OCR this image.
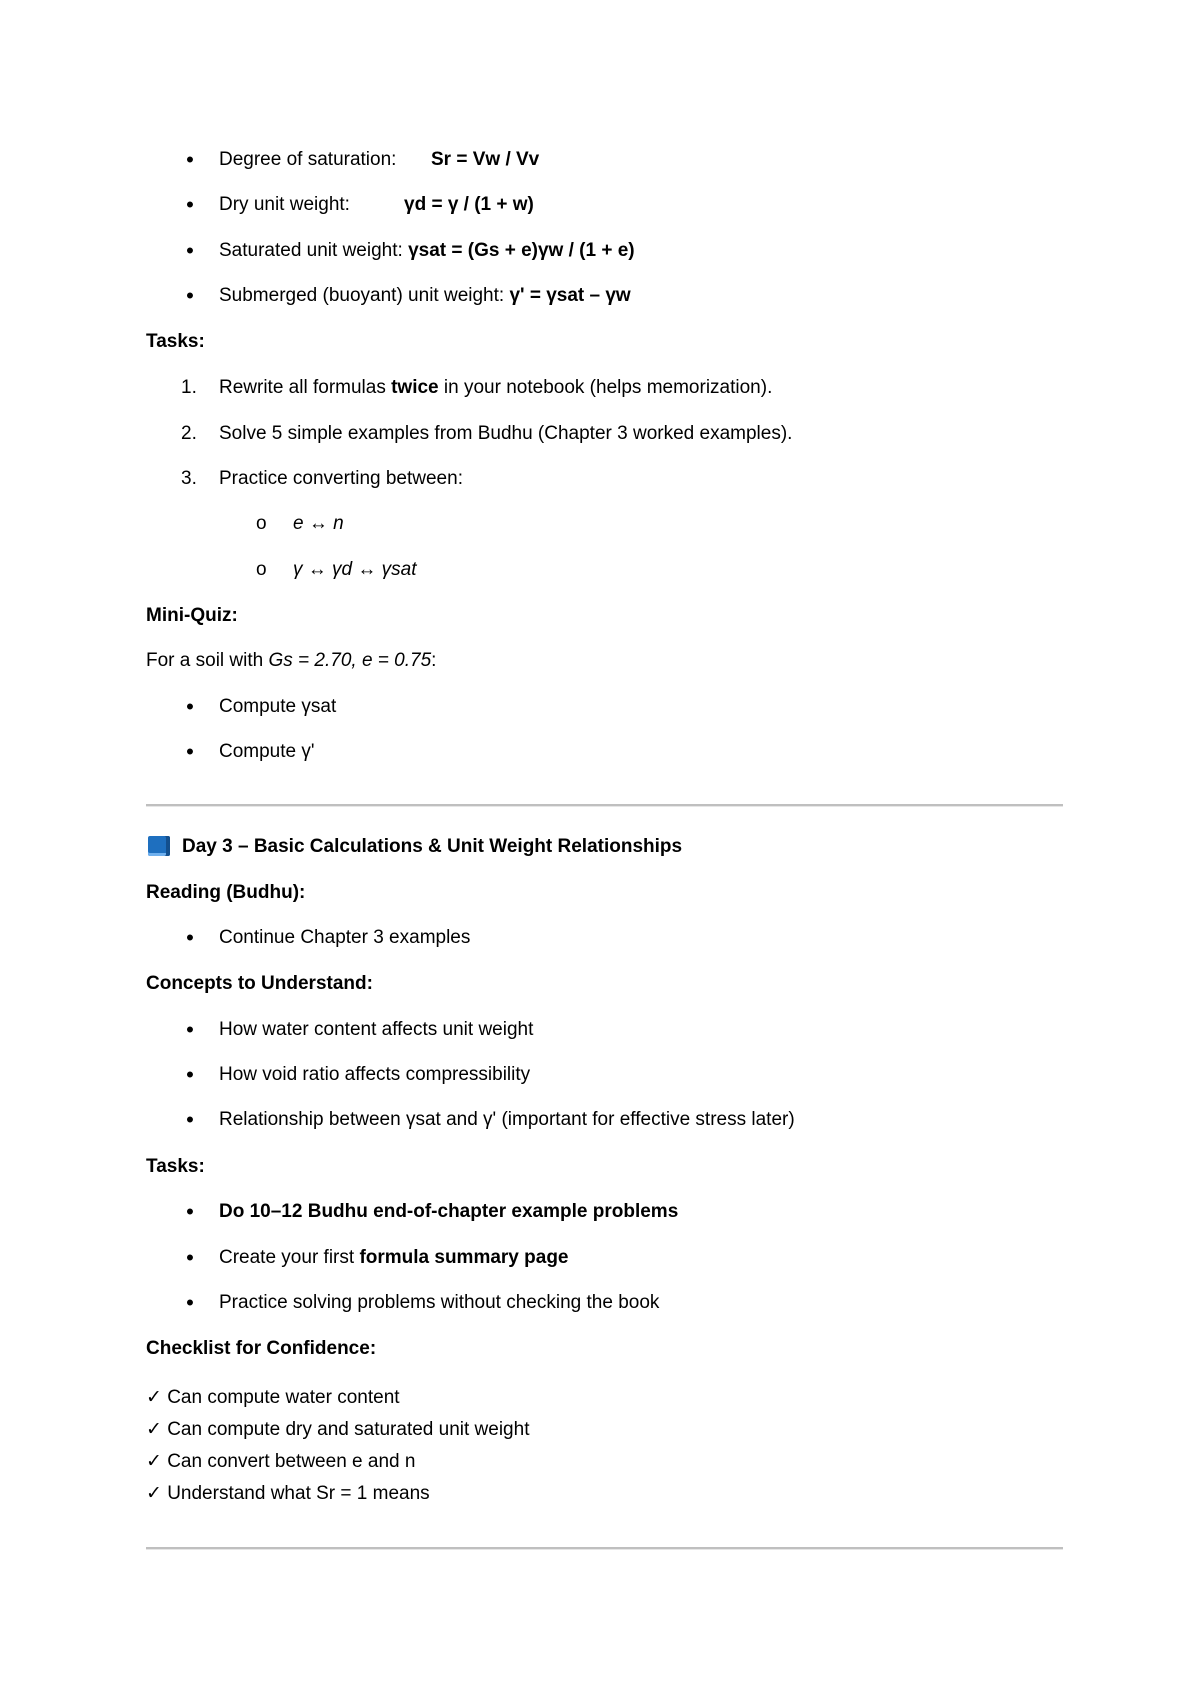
•
Degree of saturation: Sr = Vw / Vv
•
Dry unit weight:	γd = γ / (1 + w)
•
Saturated unit weight: γsat = (Gs + e)γw / (1 + e)
•
Submerged (buoyant) unit weight: γ' = γsat – γw
Tasks:
1. Rewrite all formulas twice in your notebook (helps memorization).
2. Solve 5 simple examples from Budhu (Chapter 3 worked examples).
3. Practice converting between:
o e ↔ n
o γ ↔ γd ↔ γsat
Mini-Quiz:
For a soil with Gs = 2.70, e = 0.75:
•
Compute γsat
•
Compute γ'
Day 3 – Basic Calculations & Unit Weight Relationships
Reading (Budhu):
•
Continue Chapter 3 examples
Concepts to Understand:
•
How water content affects unit weight
•
How void ratio affects compressibility
•
Relationship between γsat and γ' (important for effective stress later)
Tasks:
•
Do 10–12 Budhu end-of-chapter example problems
•
Create your first formula summary page
•
Practice solving problems without checking the book
Checklist for Confidence:
✓ Can compute water content
✓ Can compute dry and saturated unit weight
✓ Can convert between e and n
✓ Understand what Sr = 1 means
